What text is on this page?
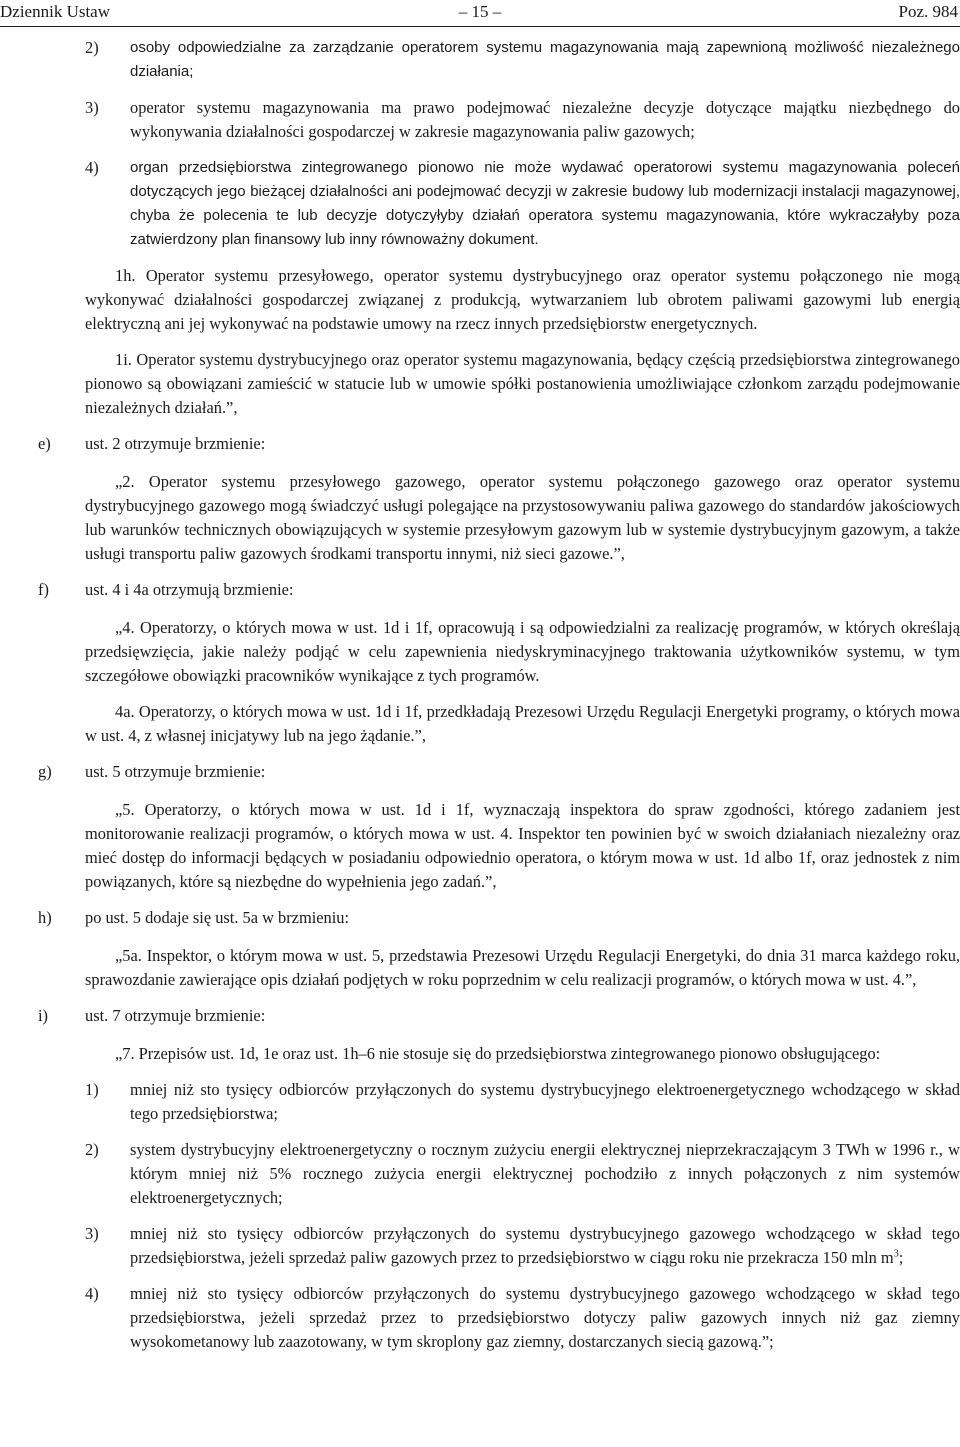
Dziennik Ustaw	– 15 –	Poz. 984

2) osoby odpowiedzialne za zarządzanie operatorem systemu magazynowania mają zapewnioną możliwość niezależnego działania;

3) operator systemu magazynowania ma prawo podejmować niezależne decyzje dotyczące majątku niezbędnego do wykonywania działalności gospodarczej w zakresie magazynowania paliw gazowych;

4) organ przedsiębiorstwa zintegrowanego pionowo nie może wydawać operatorowi systemu magazynowania poleceń dotyczących jego bieżącej działalności ani podejmować decyzji w zakresie budowy lub modernizacji instalacji magazynowej, chyba że polecenia te lub decyzje dotyczyłyby działań operatora systemu magazynowania, które wykraczałyby poza zatwierdzony plan finansowy lub inny równoważny dokument.

1h. Operator systemu przesyłowego, operator systemu dystrybucyjnego oraz operator systemu połączonego nie mogą wykonywać działalności gospodarczej związanej z produkcją, wytwarzaniem lub obrotem paliwami gazowymi lub energią elektryczną ani jej wykonywać na podstawie umowy na rzecz innych przedsiębiorstw energetycznych.

1i. Operator systemu dystrybucyjnego oraz operator systemu magazynowania, będący częścią przedsiębiorstwa zintegrowanego pionowo są obowiązani zamieścić w statucie lub w umowie spółki postanowienia umożliwiające członkom zarządu podejmowanie niezależnych działań.”,

e) ust. 2 otrzymuje brzmienie:

„2. Operator systemu przesyłowego gazowego, operator systemu połączonego gazowego oraz operator systemu dystrybucyjnego gazowego mogą świadczyć usługi polegające na przystosowywaniu paliwa gazowego do standardów jakościowych lub warunków technicznych obowiązujących w systemie przesyłowym gazowym lub w systemie dystrybucyjnym gazowym, a także usługi transportu paliw gazowych środkami transportu innymi, niż sieci gazowe.”,

f) ust. 4 i 4a otrzymują brzmienie:

„4. Operatorzy, o których mowa w ust. 1d i 1f, opracowują i są odpowiedzialni za realizację programów, w których określają przedsięwzięcia, jakie należy podjąć w celu zapewnienia niedyskryminacyjnego traktowania użytkowników systemu, w tym szczegółowe obowiązki pracowników wynikające z tych programów.

4a. Operatorzy, o których mowa w ust. 1d i 1f, przedkładają Prezesowi Urzędu Regulacji Energetyki programy, o których mowa w ust. 4, z własnej inicjatywy lub na jego żądanie.”,

g) ust. 5 otrzymuje brzmienie:

„5. Operatorzy, o których mowa w ust. 1d i 1f, wyznaczają inspektora do spraw zgodności, którego zadaniem jest monitorowanie realizacji programów, o których mowa w ust. 4. Inspektor ten powinien być w swoich działaniach niezależny oraz mieć dostęp do informacji będących w posiadaniu odpowiednio operatora, o którym mowa w ust. 1d albo 1f, oraz jednostek z nim powiązanych, które są niezbędne do wypełnienia jego zadań.”,

h) po ust. 5 dodaje się ust. 5a w brzmieniu:

„5a. Inspektor, o którym mowa w ust. 5, przedstawia Prezesowi Urzędu Regulacji Energetyki, do dnia 31 marca każdego roku, sprawozdanie zawierające opis działań podjętych w roku poprzednim w celu realizacji programów, o których mowa w ust. 4.”,

i) ust. 7 otrzymuje brzmienie:

„7. Przepisów ust. 1d, 1e oraz ust. 1h–6 nie stosuje się do przedsiębiorstwa zintegrowanego pionowo obsługującego:

1) mniej niż sto tysięcy odbiorców przyłączonych do systemu dystrybucyjnego elektroenergetycznego wchodzącego w skład tego przedsiębiorstwa;

2) system dystrybucyjny elektroenergetyczny o rocznym zużyciu energii elektrycznej nieprzekraczającym 3 TWh w 1996 r., w którym mniej niż 5% rocznego zużycia energii elektrycznej pochodziło z innych połączonych z nim systemów elektroenergetycznych;

3) mniej niż sto tysięcy odbiorców przyłączonych do systemu dystrybucyjnego gazowego wchodzącego w skład tego przedsiębiorstwa, jeżeli sprzedaż paliw gazowych przez to przedsiębiorstwo w ciągu roku nie przekracza 150 mln $m^3$;

4) mniej niż sto tysięcy odbiorców przyłączonych do systemu dystrybucyjnego gazowego wchodzącego w skład tego przedsiębiorstwa, jeżeli sprzedaż przez to przedsiębiorstwo dotyczy paliw gazowych innych niż gaz ziemny wysokometanowy lub zaazotowany, w tym skroplony gaz ziemny, dostarczanych siecią gazową.”;
